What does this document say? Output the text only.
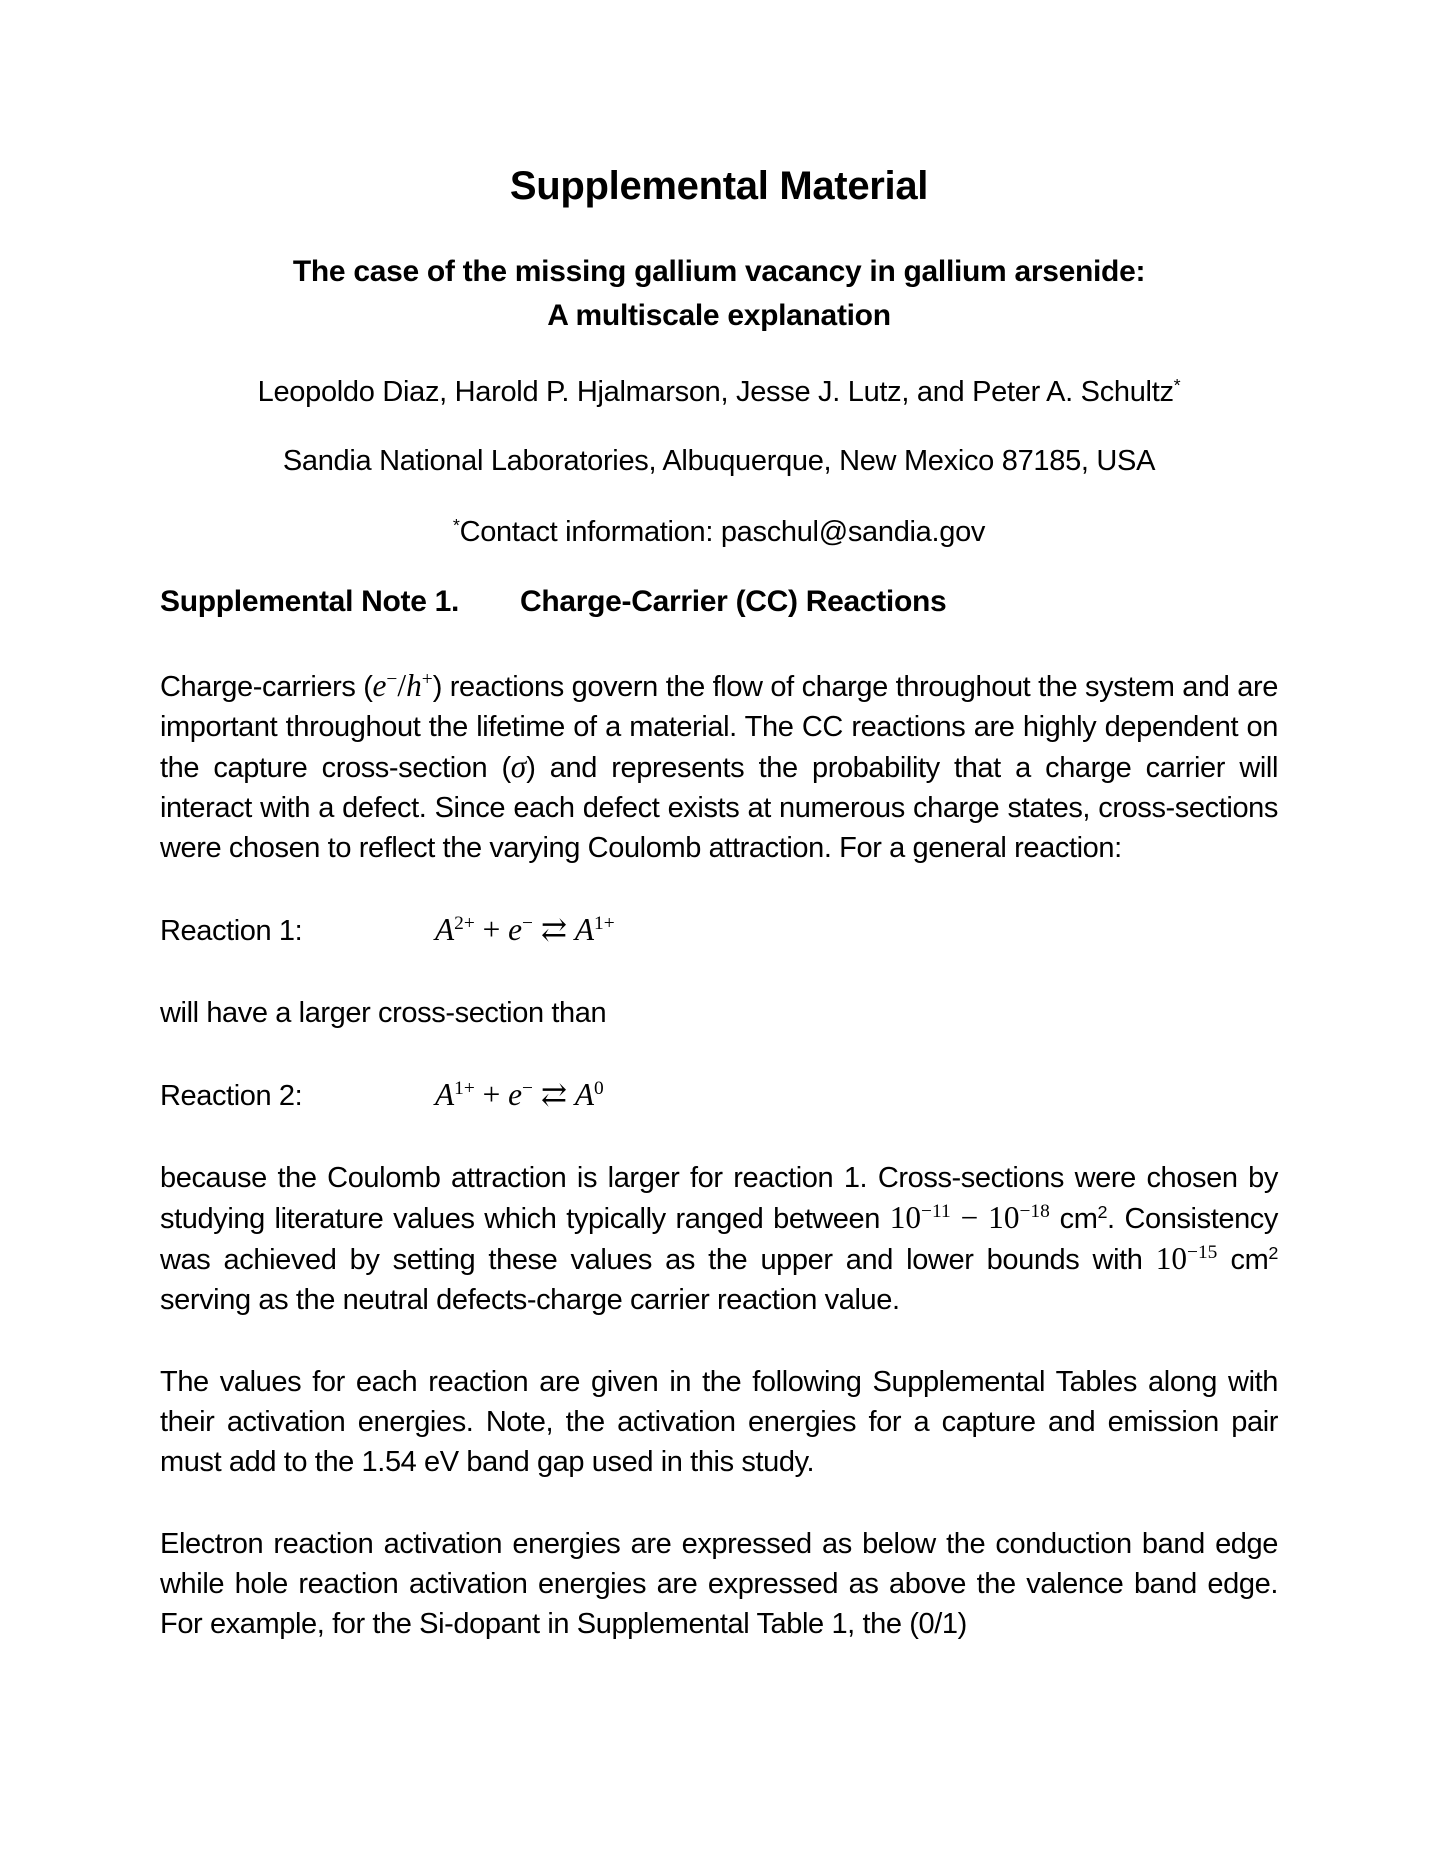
Supplemental Material
The case of the missing gallium vacancy in gallium arsenide:
A multiscale explanation
Leopoldo Diaz, Harold P. Hjalmarson, Jesse J. Lutz, and Peter A. Schultz*
Sandia National Laboratories, Albuquerque, New Mexico 87185, USA
*Contact information: paschul@sandia.gov
Supplemental Note 1.	Charge-Carrier (CC) Reactions
Charge-carriers (e−/h+) reactions govern the flow of charge throughout the system and are important throughout the lifetime of a material. The CC reactions are highly dependent on the capture cross-section (σ) and represents the probability that a charge carrier will interact with a defect. Since each defect exists at numerous charge states, cross-sections were chosen to reflect the varying Coulomb attraction. For a general reaction:
Reaction 1:	$A^{2+} + e^-$ ⇄ $A^{1+}$
will have a larger cross-section than
Reaction 2:	$A^{1+} + e^-$ ⇄ $A^0$
because the Coulomb attraction is larger for reaction 1. Cross-sections were chosen by studying literature values which typically ranged between $10^{-11} - 10^{-18}$ $cm^2$. Consistency was achieved by setting these values as the upper and lower bounds with $10^{-15}$ $cm^2$ serving as the neutral defects-charge carrier reaction value.
The values for each reaction are given in the following Supplemental Tables along with their activation energies. Note, the activation energies for a capture and emission pair must add to the 1.54 eV band gap used in this study.
Electron reaction activation energies are expressed as below the conduction band edge while hole reaction activation energies are expressed as above the valence band edge. For example, for the Si-dopant in Supplemental Table 1, the (0/1)
